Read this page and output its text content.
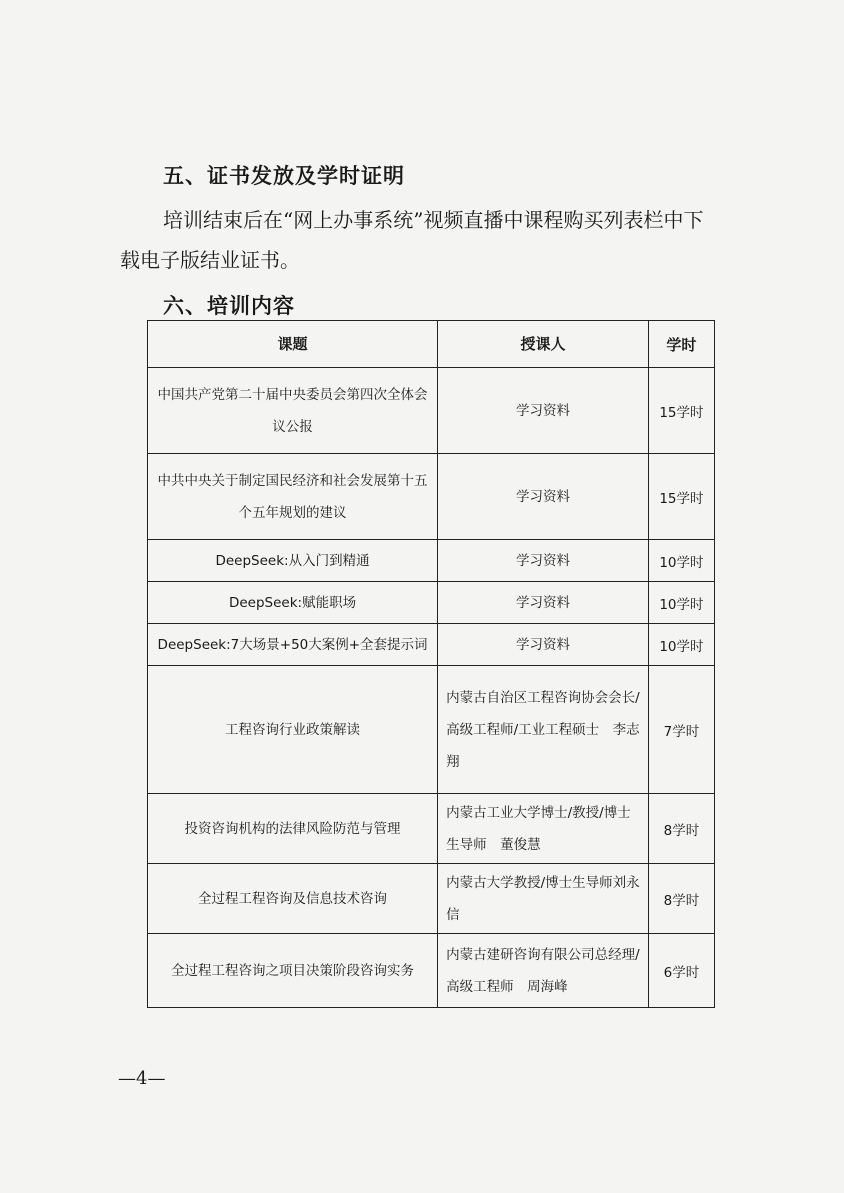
五、证书发放及学时证明
培训结束后在“网上办事系统”视频直播中课程购买列表栏中下载电子版结业证书。
六、培训内容
课题	授课人	学时
中国共产党第二十届中央委员会第四次全体会议公报	学习资料	15学时
中共中央关于制定国民经济和社会发展第十五个五年规划的建议	学习资料	15学时
DeepSeek:从入门到精通	学习资料	10学时
DeepSeek:赋能职场	学习资料	10学时
DeepSeek:7大场景+50大案例+全套提示词	学习资料	10学时
工程咨询行业政策解读	内蒙古自治区工程咨询协会会长/高级工程师/工业工程硕士　李志翔	7学时
投资咨询机构的法律风险防范与管理	内蒙古工业大学博士/教授/博士生导师　董俊慧	8学时
全过程工程咨询及信息技术咨询	内蒙古大学教授/博士生导师刘永信	8学时
全过程工程咨询之项目决策阶段咨询实务	内蒙古建研咨询有限公司总经理/高级工程师　周海峰	6学时
—4—
